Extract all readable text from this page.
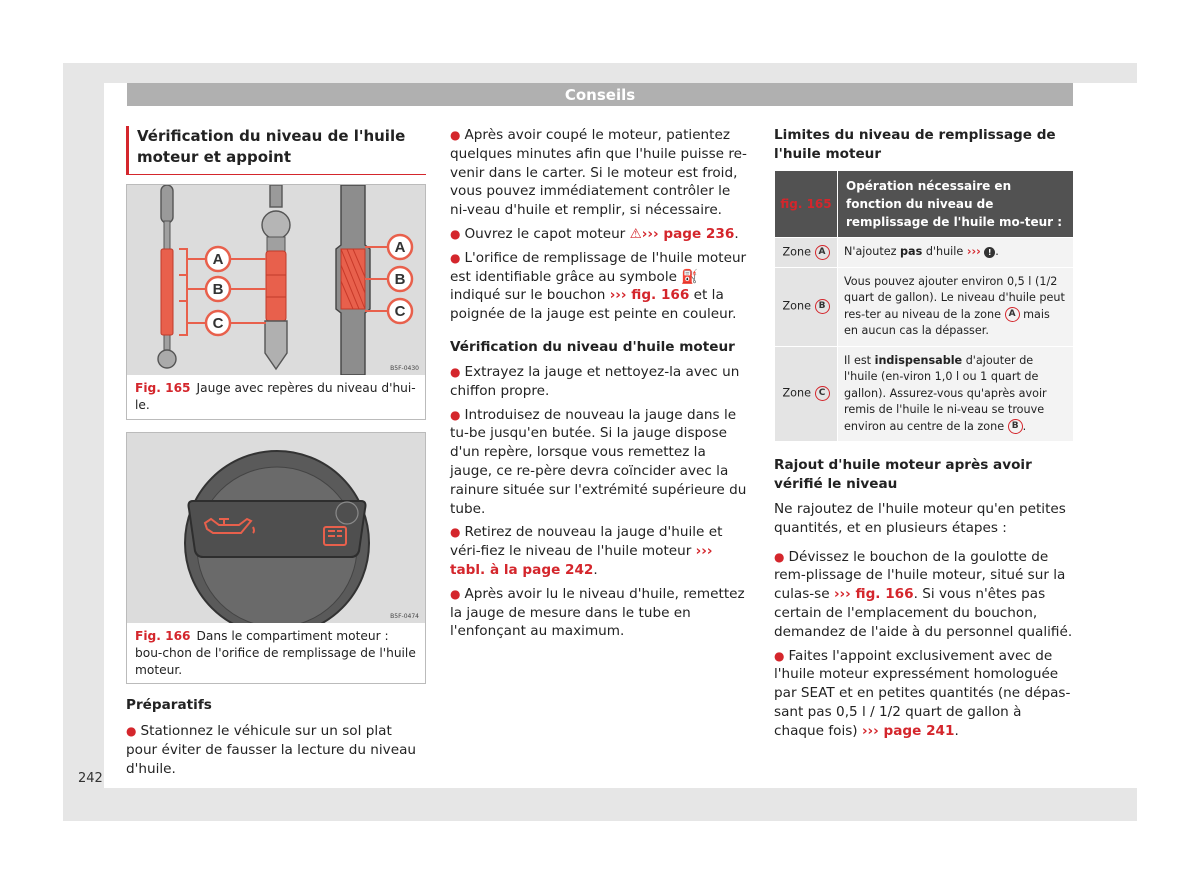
Conseils
Vérification du niveau de l'huile moteur et appoint
A
B
C
A
B
C
B5F-0430
Fig. 165 Jauge avec repères du niveau d'hui-le.
B5F-0474
Fig. 166 Dans le compartiment moteur : bou-chon de l'orifice de remplissage de l'huile moteur.
Préparatifs

● Stationnez le véhicule sur un sol plat pour éviter de fausser la lecture du niveau d'huile.

● Après avoir coupé le moteur, patientez quelques minutes afin que l'huile puisse re-venir dans le carter. Si le moteur est froid, vous pouvez immédiatement contrôler le ni-veau d'huile et remplir, si nécessaire.

● Ouvrez le capot moteur ⚠››› page 236.

● L'orifice de remplissage de l'huile moteur est identifiable grâce au symbole ⛽ indiqué sur le bouchon ››› fig. 166 et la poignée de la jauge est peinte en couleur.

Vérification du niveau d'huile moteur

● Extrayez la jauge et nettoyez-la avec un chiffon propre.

● Introduisez de nouveau la jauge dans le tu-be jusqu'en butée. Si la jauge dispose d'un repère, lorsque vous remettez la jauge, ce re-père devra coïncider avec la rainure située sur l'extrémité supérieure du tube.

● Retirez de nouveau la jauge d'huile et véri-fiez le niveau de l'huile moteur ››› tabl. à la page 242.

● Après avoir lu le niveau d'huile, remettez la jauge de mesure dans le tube en l'enfonçant au maximum.

Limites du niveau de remplissage de l'huile moteur
fig. 165	Opération nécessaire en fonction du niveau de remplissage de l'huile mo-teur :
Zone A	N'ajoutez pas d'huile ››› ! .
Zone B	Vous pouvez ajouter environ 0,5 l (1/2 quart de gallon). Le niveau d'huile peut res-ter au niveau de la zone A mais en aucun cas la dépasser.
Zone C	Il est indispensable d'ajouter de l'huile (en-viron 1,0 l ou 1 quart de gallon). Assurez-vous qu'après avoir remis de l'huile le ni-veau se trouve environ au centre de la zone B .
Rajout d'huile moteur après avoir vérifié le niveau

Ne rajoutez de l'huile moteur qu'en petites quantités, et en plusieurs étapes :

● Dévissez le bouchon de la goulotte de rem-plissage de l'huile moteur, situé sur la culas-se ››› fig. 166. Si vous n'êtes pas certain de l'emplacement du bouchon, demandez de l'aide à du personnel qualifié.

● Faites l'appoint exclusivement avec de l'huile moteur expressément homologuée par SEAT et en petites quantités (ne dépas-sant pas 0,5 l / 1/2 quart de gallon à chaque fois) ››› page 241.

242
